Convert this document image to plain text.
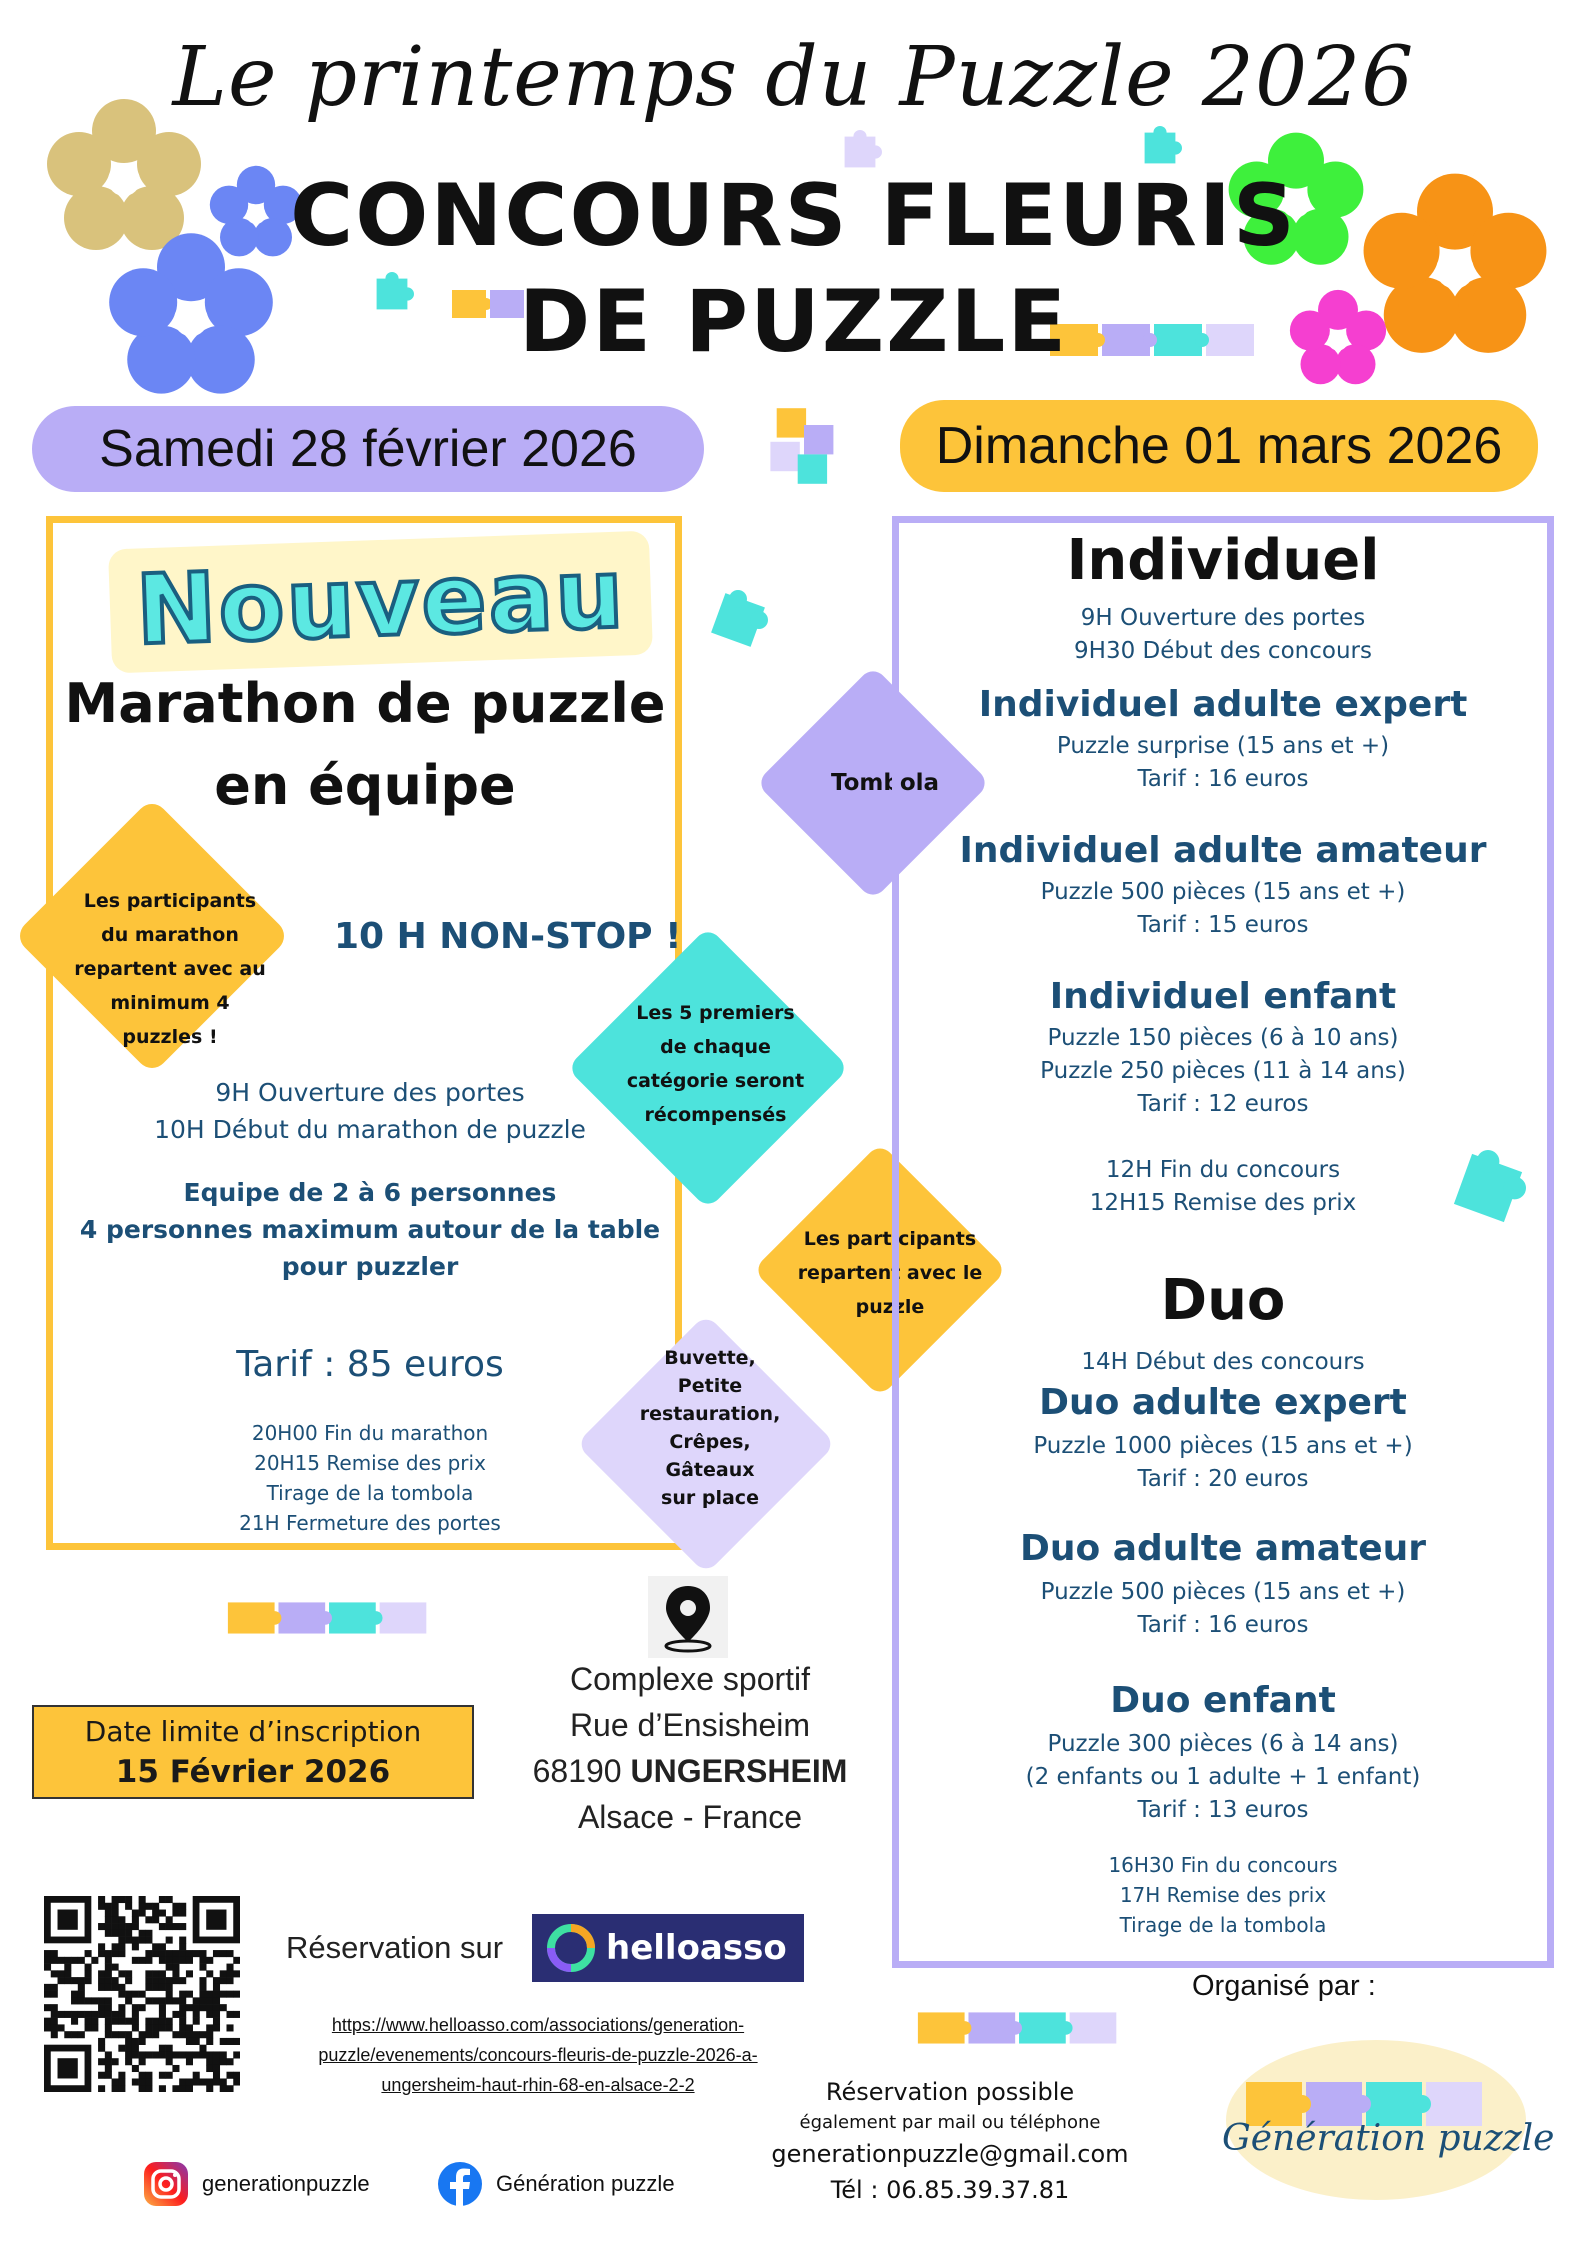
Le printemps du Puzzle 2026
CONCOURS FLEURIS
DE PUZZLE
Samedi 28 février 2026	Dimanche 01 mars 2026
Nouveau
Marathon de puzzle
en équipe
Les participants
du marathon
repartent avec au
minimum 4
puzzles !
10 H NON-STOP !
9H Ouverture des portes
10H Début du marathon de puzzle
Equipe de 2 à 6 personnes
4 personnes maximum autour de la table
pour puzzler
Tarif : 85 euros
20H00 Fin du marathon
20H15 Remise des prix
Tirage de la tombola
21H Fermeture des portes
Tombola
Les 5 premiers
de chaque
catégorie seront
récompensés
Les participants
repartent avec le
puzzle
Buvette,
Petite
restauration,
Crêpes,
Gâteaux
sur place
Individuel
9H Ouverture des portes
9H30 Début des concours
Individuel adulte expert
Puzzle surprise (15 ans et +)
Tarif : 16 euros
Individuel adulte amateur
Puzzle 500 pièces (15 ans et +)
Tarif : 15 euros
Individuel enfant
Puzzle 150 pièces (6 à 10 ans)
Puzzle 250 pièces (11 à 14 ans)
Tarif : 12 euros
12H Fin du concours
12H15 Remise des prix
Duo
14H Début des concours
Duo adulte expert
Puzzle 1000 pièces (15 ans et +)
Tarif : 20 euros
Duo adulte amateur
Puzzle 500 pièces (15 ans et +)
Tarif : 16 euros
Duo enfant
Puzzle 300 pièces (6 à 14 ans)
(2 enfants ou 1 adulte + 1 enfant)
Tarif : 13 euros
16H30 Fin du concours
17H Remise des prix
Tirage de la tombola
Date limite d’inscription
15 Février 2026
Complexe sportif
Rue d’Ensisheim
68190 UNGERSHEIM
Alsace - France
Réservation sur	helloasso
https://www.helloasso.com/associations/generation-
puzzle/evenements/concours-fleuris-de-puzzle-2026-a-
ungersheim-haut-rhin-68-en-alsace-2-2	Réservation possible
également par mail ou téléphone
generationpuzzle@gmail.com
Tél : 06.85.39.37.81
Organisé par :
Génération puzzle
generationpuzzle	Génération puzzle
